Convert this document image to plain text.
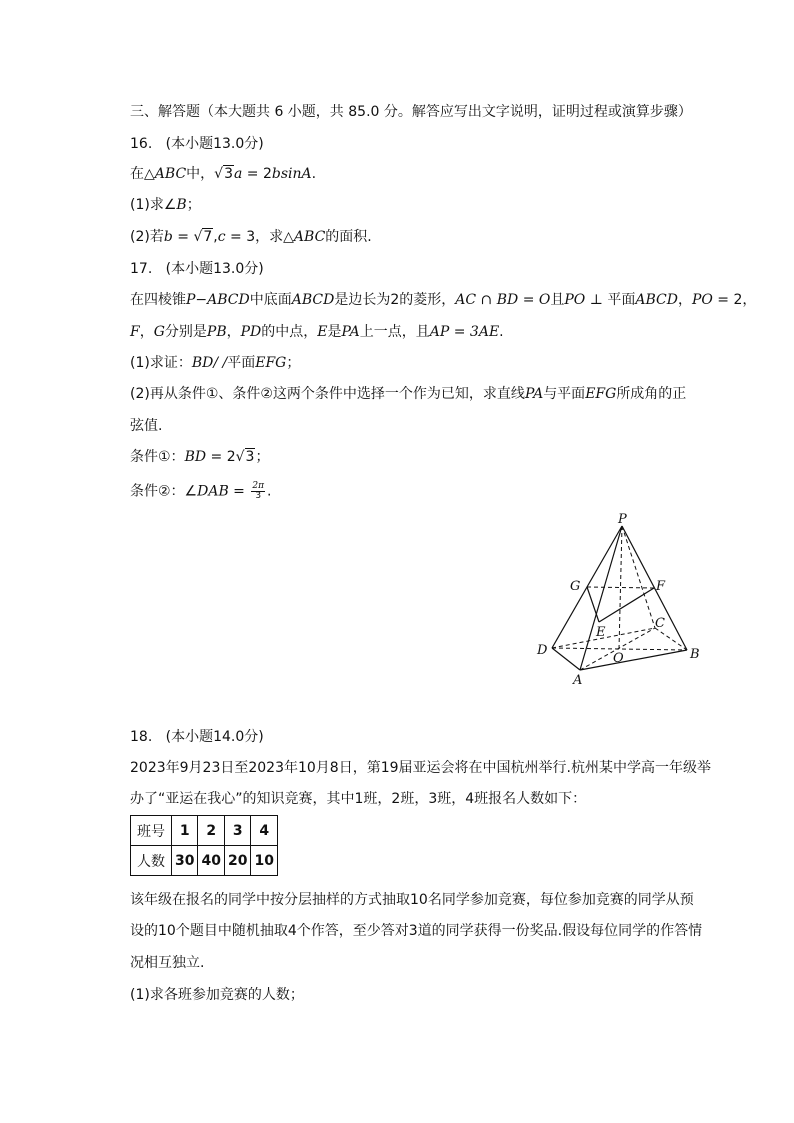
三、解答题（本大题共 6 小题，共 85.0 分。解答应写出文字说明，证明过程或演算步骤）
16. (本小题13.0分)
在△ABC中，√3a = 2bsinA.
(1)求∠B；
(2)若b = √7,c = 3，求△ABC的面积.
17. (本小题13.0分)
在四棱锥P−ABCD中底面ABCD是边长为2的菱形，AC ∩ BD = O且PO ⊥ 平面ABCD，PO = 2，
F，G分别是PB，PD的中点，E是PA上一点，且AP = 3AE.
(1)求证：BD/ /平面EFG；
(2)再从条件①、条件②这两个条件中选择一个作为已知，求直线PA与平面EFG所成角的正
弦值.
条件①：BD = 2√3；
条件②：∠DAB = $\frac{2\pi}{3}$ .
P
G	F
E
C
D
O	B
A
18. (本小题14.0分)
2023年9月23日至2023年10月8日，第19届亚运会将在中国杭州举行.杭州某中学高一年级举
办了“亚运在我心”的知识竞赛，其中1班，2班，3班，4班报名人数如下：
班号	1	2	3	4
人数	30	40	20	10
该年级在报名的同学中按分层抽样的方式抽取10名同学参加竞赛，每位参加竞赛的同学从预
设的10个题目中随机抽取4个作答，至少答对3道的同学获得一份奖品.假设每位同学的作答情
况相互独立.
(1)求各班参加竞赛的人数；
